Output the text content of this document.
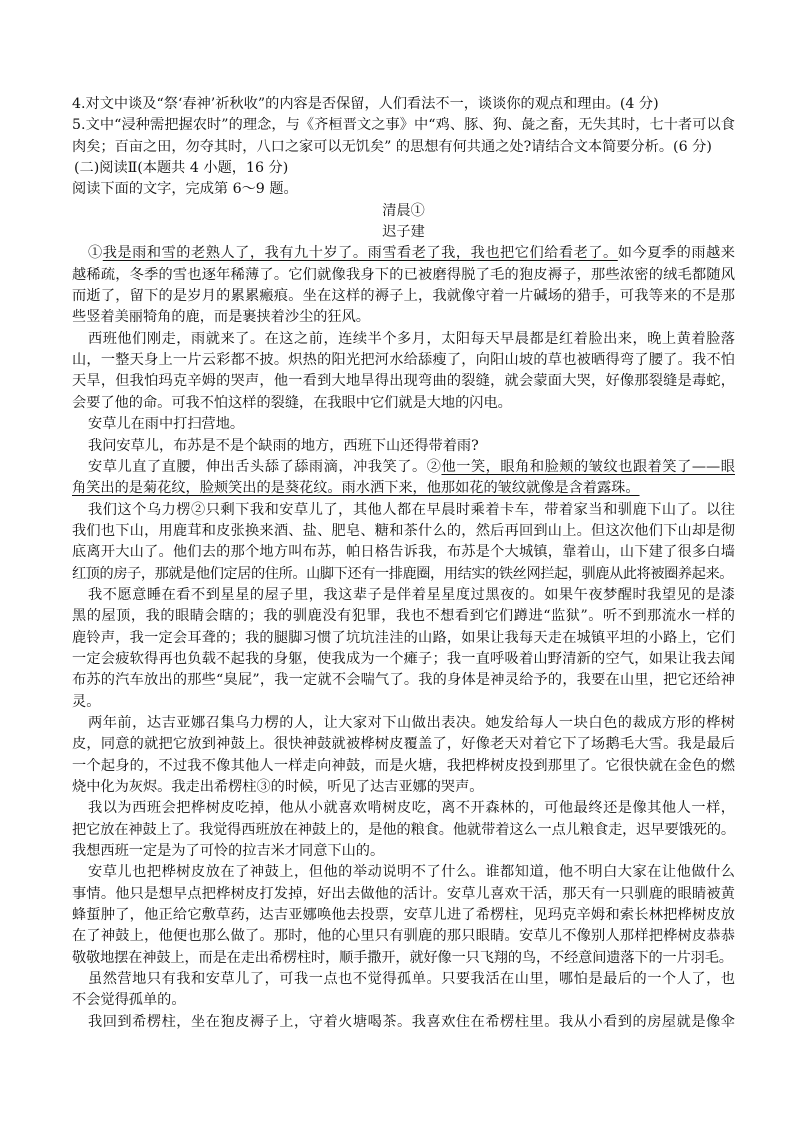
4.对文中谈及“祭‘春神’祈秋收”的内容是否保留，人们看法不一，谈谈你的观点和理由。(4 分)
5.文中“浸种需把握农时”的理念，与《齐桓晋文之事》中“鸡、豚、狗、彘之畜，无失其时，七十者可以食
肉矣；百亩之田，勿夺其时，八口之家可以无饥矣” 的思想有何共通之处?请结合文本简要分析。(6 分)
(二)阅读Ⅱ(本题共 4 小题，16 分)
阅读下面的文字，完成第 6～9 题。
清晨①
迟子建
①我是雨和雪的老熟人了，我有九十岁了。雨雪看老了我，我也把它们给看老了。如今夏季的雨越来
越稀疏，冬季的雪也逐年稀薄了。它们就像我身下的已被磨得脱了毛的狍皮褥子，那些浓密的绒毛都随风
而逝了，留下的是岁月的累累瘢痕。坐在这样的褥子上，我就像守着一片碱场的猎手，可我等来的不是那
些竖着美丽犄角的鹿，而是裹挟着沙尘的狂风。
西班他们刚走，雨就来了。在这之前，连续半个多月，太阳每天早晨都是红着脸出来，晚上黄着脸落
山，一整天身上一片云彩都不披。炽热的阳光把河水给舔瘦了，向阳山坡的草也被晒得弯了腰了。我不怕
天旱，但我怕玛克辛姆的哭声，他一看到大地旱得出现弯曲的裂缝，就会蒙面大哭，好像那裂缝是毒蛇，
会要了他的命。可我不怕这样的裂缝，在我眼中它们就是大地的闪电。
安草儿在雨中打扫营地。
我问安草儿，布苏是不是个缺雨的地方，西班下山还得带着雨?
安草儿直了直腰，伸出舌头舔了舔雨滴，冲我笑了。②他一笑，眼角和脸颊的皱纹也跟着笑了——眼
角笑出的是菊花纹，脸颊笑出的是葵花纹。雨水洒下来，他那如花的皱纹就像是含着露珠。
我们这个乌力楞②只剩下我和安草儿了，其他人都在早晨时乘着卡车，带着家当和驯鹿下山了。以往
我们也下山，用鹿茸和皮张换来酒、盐、肥皂、糖和茶什么的，然后再回到山上。但这次他们下山却是彻
底离开大山了。他们去的那个地方叫布苏，帕日格告诉我，布苏是个大城镇，靠着山，山下建了很多白墙
红顶的房子，那就是他们定居的住所。山脚下还有一排鹿圈，用结实的铁丝网拦起，驯鹿从此将被圈养起来。
我不愿意睡在看不到星星的屋子里，我这辈子是伴着星星度过黑夜的。如果午夜梦醒时我望见的是漆
黑的屋顶，我的眼睛会瞎的；我的驯鹿没有犯罪，我也不想看到它们蹲进“监狱”。听不到那流水一样的
鹿铃声，我一定会耳聋的；我的腿脚习惯了坑坑洼洼的山路，如果让我每天走在城镇平坦的小路上，它们
一定会疲软得再也负载不起我的身躯，使我成为一个瘫子；我一直呼吸着山野清新的空气，如果让我去闻
布苏的汽车放出的那些“臭屁”，我一定就不会喘气了。我的身体是神灵给予的，我要在山里，把它还给神
灵。
两年前，达吉亚娜召集乌力楞的人，让大家对下山做出表决。她发给每人一块白色的裁成方形的桦树
皮，同意的就把它放到神鼓上。很快神鼓就被桦树皮覆盖了，好像老天对着它下了场鹅毛大雪。我是最后
一个起身的，不过我不像其他人一样走向神鼓，而是火塘，我把桦树皮投到那里了。它很快就在金色的燃
烧中化为灰烬。我走出希楞柱③的时候，听见了达吉亚娜的哭声。
我以为西班会把桦树皮吃掉，他从小就喜欢啃树皮吃，离不开森林的，可他最终还是像其他人一样，
把它放在神鼓上了。我觉得西班放在神鼓上的，是他的粮食。他就带着这么一点儿粮食走，迟早要饿死的。
我想西班一定是为了可怜的拉吉米才同意下山的。
安草儿也把桦树皮放在了神鼓上，但他的举动说明不了什么。谁都知道，他不明白大家在让他做什么
事情。他只是想早点把桦树皮打发掉，好出去做他的活计。安草儿喜欢干活，那天有一只驯鹿的眼睛被黄
蜂蜇肿了，他正给它敷草药，达吉亚娜唤他去投票，安草儿进了希楞柱，见玛克辛姆和索长林把桦树皮放
在了神鼓上，他便也那么做了。那时，他的心里只有驯鹿的那只眼睛。安草儿不像别人那样把桦树皮恭恭
敬敬地摆在神鼓上，而是在走出希楞柱时，顺手撒开，就好像一只飞翔的鸟，不经意间遗落下的一片羽毛。
虽然营地只有我和安草儿了，可我一点也不觉得孤单。只要我活在山里，哪怕是最后的一个人了，也
不会觉得孤单的。
我回到希楞柱，坐在狍皮褥子上，守着火塘喝茶。我喜欢住在希楞柱里。我从小看到的房屋就是像伞
